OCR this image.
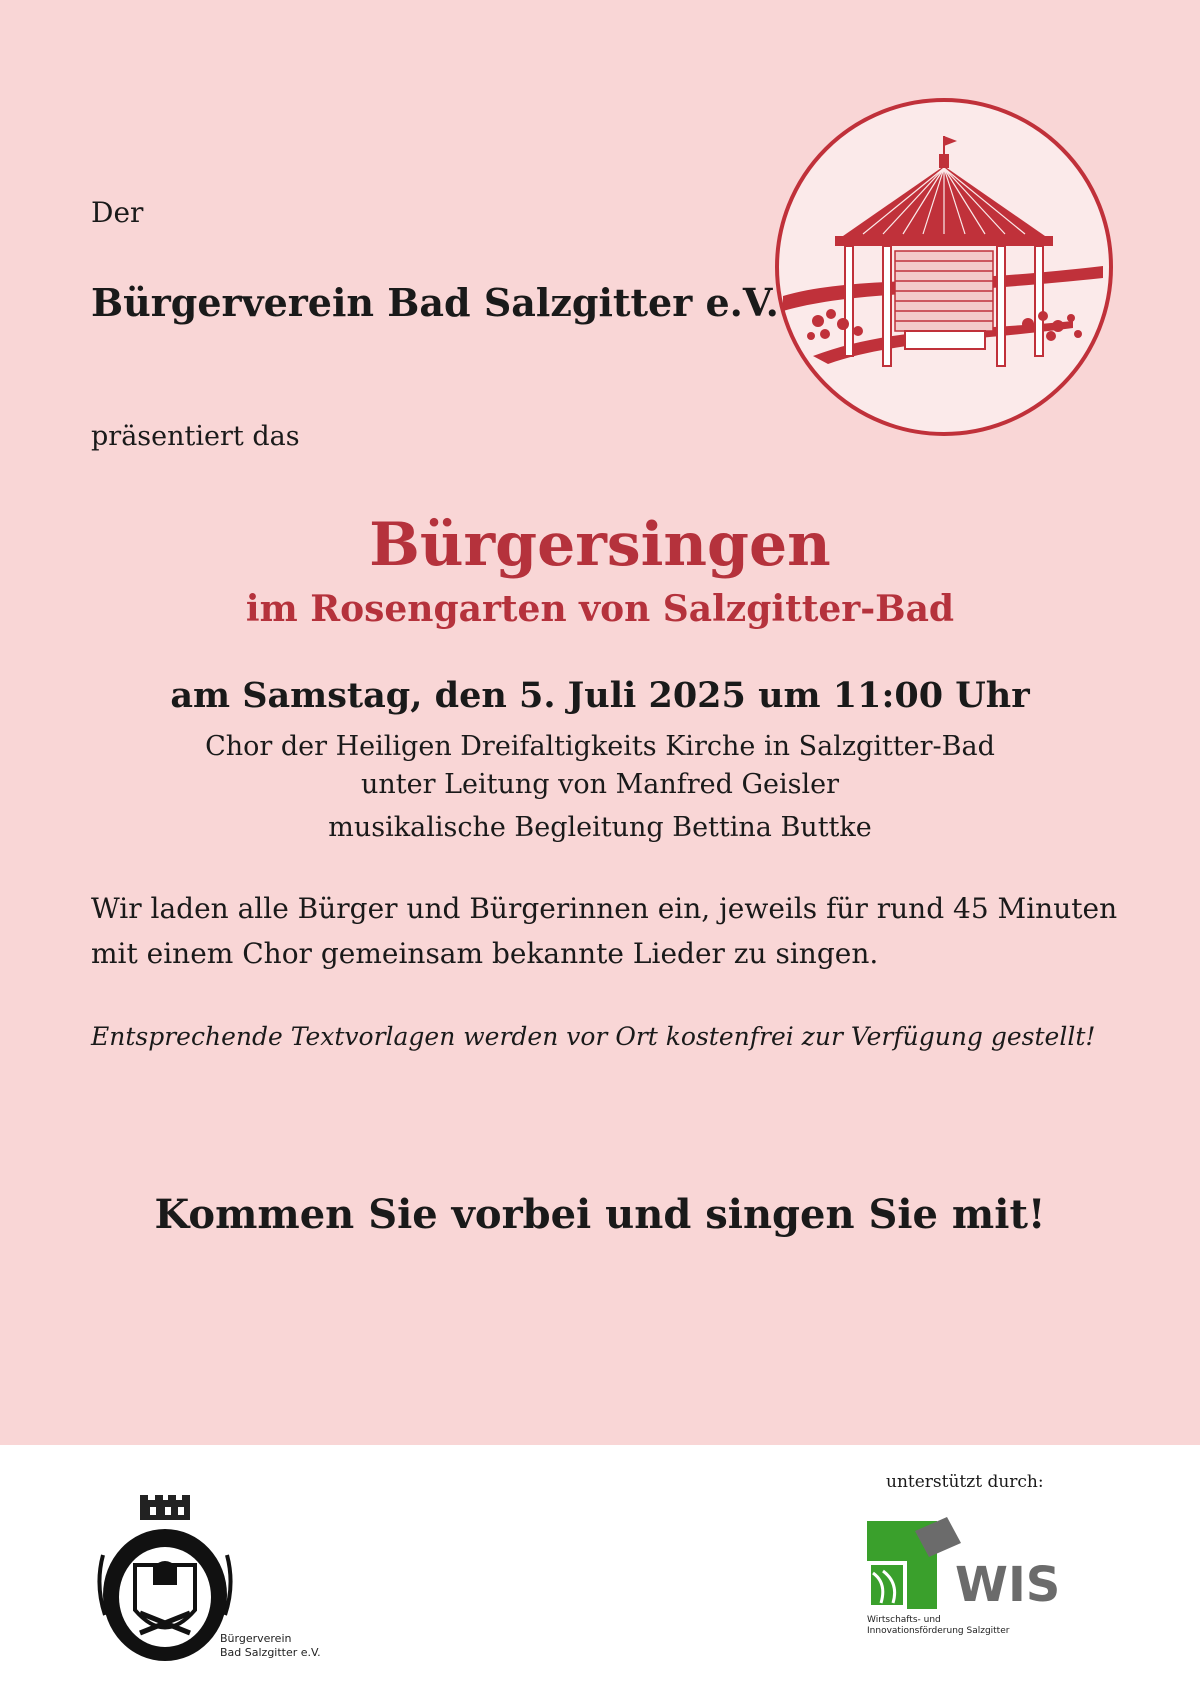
Der

Bürgerverein Bad Salzgitter e.V.

präsentiert das

Bürgersingen

im Rosengarten von Salzgitter-Bad

am Samstag, den 5. Juli 2025 um 11:00 Uhr

Chor der Heiligen Dreifaltigkeits Kirche in Salzgitter-Bad

unter Leitung von Manfred Geisler

musikalische Begleitung Bettina Buttke

Wir laden alle Bürger und Bürgerinnen ein, jeweils für rund 45 Minuten

mit einem Chor gemeinsam bekannte Lieder zu singen.

Entsprechende Textvorlagen werden vor Ort kostenfrei zur Verfügung gestellt!

Kommen Sie vorbei und singen Sie mit!

Bürgerverein
Bad Salzgitter e.V.

unterstützt durch:

WIS
Wirtschafts- und
Innovationsförderung Salzgitter
